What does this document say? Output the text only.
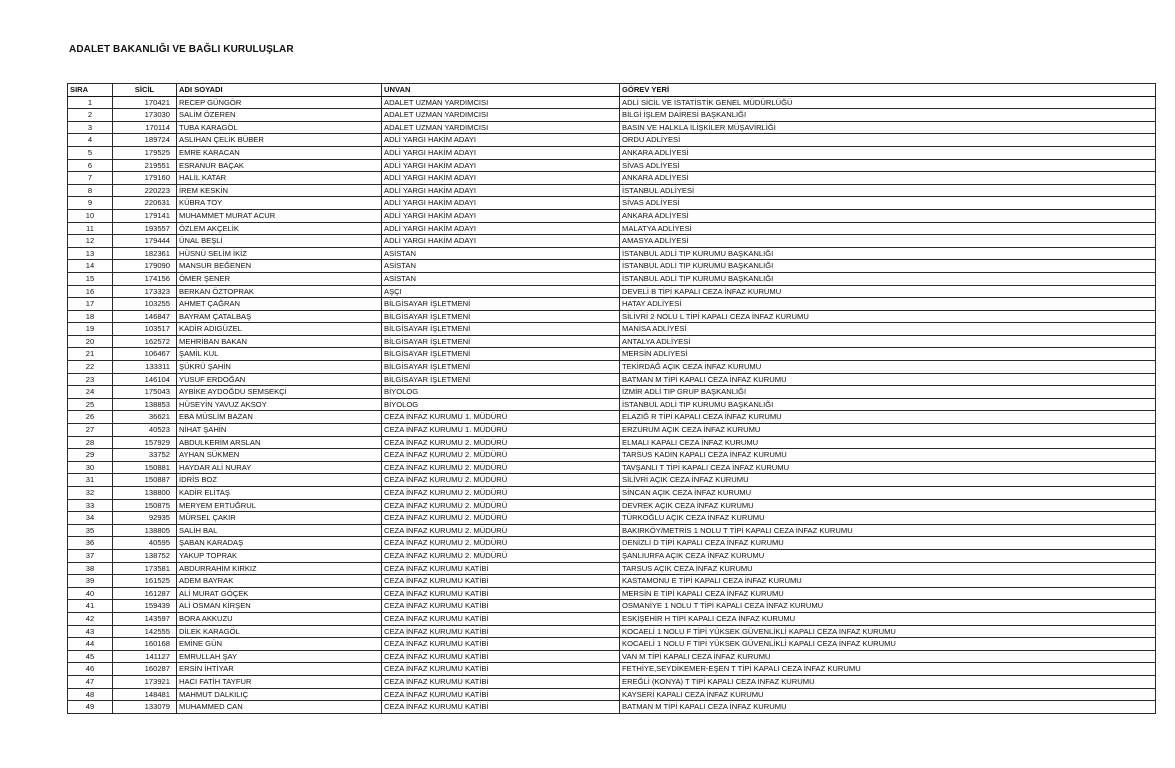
ADALET BAKANLIĞI VE BAĞLI KURULUŞLAR
SIRA	SİCİL	ADI SOYADI	UNVAN	GÖREV YERİ
1	170421	RECEP GÜNGÖR	ADALET UZMAN YARDIMCISI	ADLİ SİCİL VE İSTATİSTİK GENEL MÜDÜRLÜĞÜ
2	173030	SALİM ÖZEREN	ADALET UZMAN YARDIMCISI	BİLGİ İŞLEM DAİRESİ BAŞKANLIĞI
3	170114	TUBA KARAGÖL	ADALET UZMAN YARDIMCISI	BASIN VE HALKLA İLİŞKİLER MÜŞAVİRLİĞİ
4	189724	ASLIHAN ÇELİK BÜBER	ADLİ YARGI HAKİM ADAYI	ORDU ADLİYESİ
5	179525	EMRE KARACAN	ADLİ YARGI HAKİM ADAYI	ANKARA ADLİYESİ
6	219551	ESRANUR BAÇAK	ADLİ YARGI HAKİM ADAYI	SİVAS ADLİYESİ
7	179160	HALİL KATAR	ADLİ YARGI HAKİM ADAYI	ANKARA ADLİYESİ
8	220223	İREM KESKİN	ADLİ YARGI HAKİM ADAYI	İSTANBUL ADLİYESİ
9	220631	KÜBRA TOY	ADLİ YARGI HAKİM ADAYI	SİVAS ADLİYESİ
10	179141	MUHAMMET MURAT ACUR	ADLİ YARGI HAKİM ADAYI	ANKARA ADLİYESİ
11	193557	ÖZLEM AKÇELİK	ADLİ YARGI HAKİM ADAYI	MALATYA ADLİYESİ
12	179444	ÜNAL BEŞLİ	ADLİ YARGI HAKİM ADAYI	AMASYA ADLİYESİ
13	182361	HÜSNÜ SELİM İKİZ	ASİSTAN	İSTANBUL ADLİ TIP KURUMU BAŞKANLIĞI
14	179090	MANSUR BEĞENEN	ASİSTAN	İSTANBUL ADLİ TIP KURUMU BAŞKANLIĞI
15	174156	ÖMER ŞENER	ASİSTAN	İSTANBUL ADLİ TIP KURUMU BAŞKANLIĞI
16	173323	BERKAN ÖZTOPRAK	AŞÇI	DEVELİ B TİPİ KAPALI CEZA İNFAZ KURUMU
17	103255	AHMET ÇAĞRAN	BİLGİSAYAR İŞLETMENİ	HATAY ADLİYESİ
18	146847	BAYRAM ÇATALBAŞ	BİLGİSAYAR İŞLETMENİ	SİLİVRİ 2 NOLU L TİPİ KAPALI CEZA İNFAZ KURUMU
19	103517	KADİR ADIGÜZEL	BİLGİSAYAR İŞLETMENİ	MANİSA ADLİYESİ
20	162572	MEHRİBAN BAKAN	BİLGİSAYAR İŞLETMENİ	ANTALYA ADLİYESİ
21	106467	ŞAMİL KUL	BİLGİSAYAR İŞLETMENİ	MERSİN ADLİYESİ
22	133311	ŞÜKRÜ ŞAHİN	BİLGİSAYAR İŞLETMENİ	TEKİRDAĞ AÇIK CEZA İNFAZ KURUMU
23	146104	YUSUF ERDOĞAN	BİLGİSAYAR İŞLETMENİ	BATMAN M TİPİ KAPALI CEZA İNFAZ KURUMU
24	175043	AYBİKE AYDOĞDU SEMSEKÇİ	BİYOLOG	İZMİR ADLİ TIP GRUP BAŞKANLIĞI
25	138853	HÜSEYİN YAVUZ AKSOY	BİYOLOG	İSTANBUL ADLİ TIP KURUMU BAŞKANLIĞI
26	36621	EBA MÜSLİM BAZAN	CEZA İNFAZ KURUMU 1. MÜDÜRÜ	ELAZIĞ R TİPİ KAPALI CEZA İNFAZ KURUMU
27	40523	NİHAT ŞAHİN	CEZA İNFAZ KURUMU 1. MÜDÜRÜ	ERZURUM AÇIK CEZA İNFAZ KURUMU
28	157929	ABDULKERİM ARSLAN	CEZA İNFAZ KURUMU 2. MÜDÜRÜ	ELMALI KAPALI CEZA İNFAZ KURUMU
29	33752	AYHAN SÜKMEN	CEZA İNFAZ KURUMU 2. MÜDÜRÜ	TARSUS KADIN KAPALI CEZA İNFAZ KURUMU
30	150881	HAYDAR ALİ NURAY	CEZA İNFAZ KURUMU 2. MÜDÜRÜ	TAVŞANLI T TİPİ KAPALI CEZA İNFAZ KURUMU
31	150887	İDRİS BOZ	CEZA İNFAZ KURUMU 2. MÜDÜRÜ	SİLİVRİ AÇIK CEZA İNFAZ KURUMU
32	138800	KADİR ELİTAŞ	CEZA İNFAZ KURUMU 2. MÜDÜRÜ	SİNCAN AÇIK CEZA İNFAZ KURUMU
33	150875	MERYEM ERTUĞRUL	CEZA İNFAZ KURUMU 2. MÜDÜRÜ	DEVREK AÇIK CEZA İNFAZ KURUMU
34	92935	MÜRSEL ÇAKIR	CEZA İNFAZ KURUMU 2. MÜDÜRÜ	TÜRKOĞLU AÇIK CEZA İNFAZ KURUMU
35	138805	SALİH BAL	CEZA İNFAZ KURUMU 2. MÜDÜRÜ	BAKIRKÖY/METRİS 1 NOLU T TİPİ KAPALI CEZA İNFAZ KURUMU
36	40595	ŞABAN KARADAŞ	CEZA İNFAZ KURUMU 2. MÜDÜRÜ	DENİZLİ D TİPİ KAPALI CEZA İNFAZ KURUMU
37	138752	YAKUP TOPRAK	CEZA İNFAZ KURUMU 2. MÜDÜRÜ	ŞANLIURFA AÇIK CEZA İNFAZ KURUMU
38	173581	ABDURRAHİM KIRKIZ	CEZA İNFAZ KURUMU KATİBİ	TARSUS AÇIK CEZA İNFAZ KURUMU
39	161525	ADEM BAYRAK	CEZA İNFAZ KURUMU KATİBİ	KASTAMONU E TİPİ KAPALI CEZA İNFAZ KURUMU
40	161287	ALİ MURAT GÖÇEK	CEZA İNFAZ KURUMU KATİBİ	MERSİN E TİPİ KAPALI CEZA İNFAZ KURUMU
41	159439	ALİ OSMAN KİRŞEN	CEZA İNFAZ KURUMU KATİBİ	OSMANİYE 1 NOLU T TİPİ KAPALI CEZA İNFAZ KURUMU
42	143597	BORA AKKUZU	CEZA İNFAZ KURUMU KATİBİ	ESKİŞEHİR H TİPİ KAPALI CEZA İNFAZ KURUMU
43	142555	DİLEK KARAGÖL	CEZA İNFAZ KURUMU KATİBİ	KOCAELİ 1 NOLU F TİPİ YÜKSEK GÜVENLİKLİ KAPALI CEZA İNFAZ KURUMU
44	160168	EMİNE GÜN	CEZA İNFAZ KURUMU KATİBİ	KOCAELİ 1 NOLU F TİPİ YÜKSEK GÜVENLİKLİ KAPALI CEZA İNFAZ KURUMU
45	141127	EMRULLAH ŞAY	CEZA İNFAZ KURUMU KATİBİ	VAN M TİPİ KAPALI CEZA İNFAZ KURUMU
46	160287	ERSİN İHTİYAR	CEZA İNFAZ KURUMU KATİBİ	FETHİYE,SEYDİKEMER-EŞEN T TİPİ KAPALI CEZA İNFAZ KURUMU
47	173921	HACI FATİH TAYFUR	CEZA İNFAZ KURUMU KATİBİ	EREĞLİ (KONYA) T TİPİ KAPALI CEZA İNFAZ KURUMU
48	148481	MAHMUT DALKILIÇ	CEZA İNFAZ KURUMU KATİBİ	KAYSERİ KAPALI CEZA İNFAZ KURUMU
49	133079	MUHAMMED CAN	CEZA İNFAZ KURUMU KATİBİ	BATMAN M TİPİ KAPALI CEZA İNFAZ KURUMU
